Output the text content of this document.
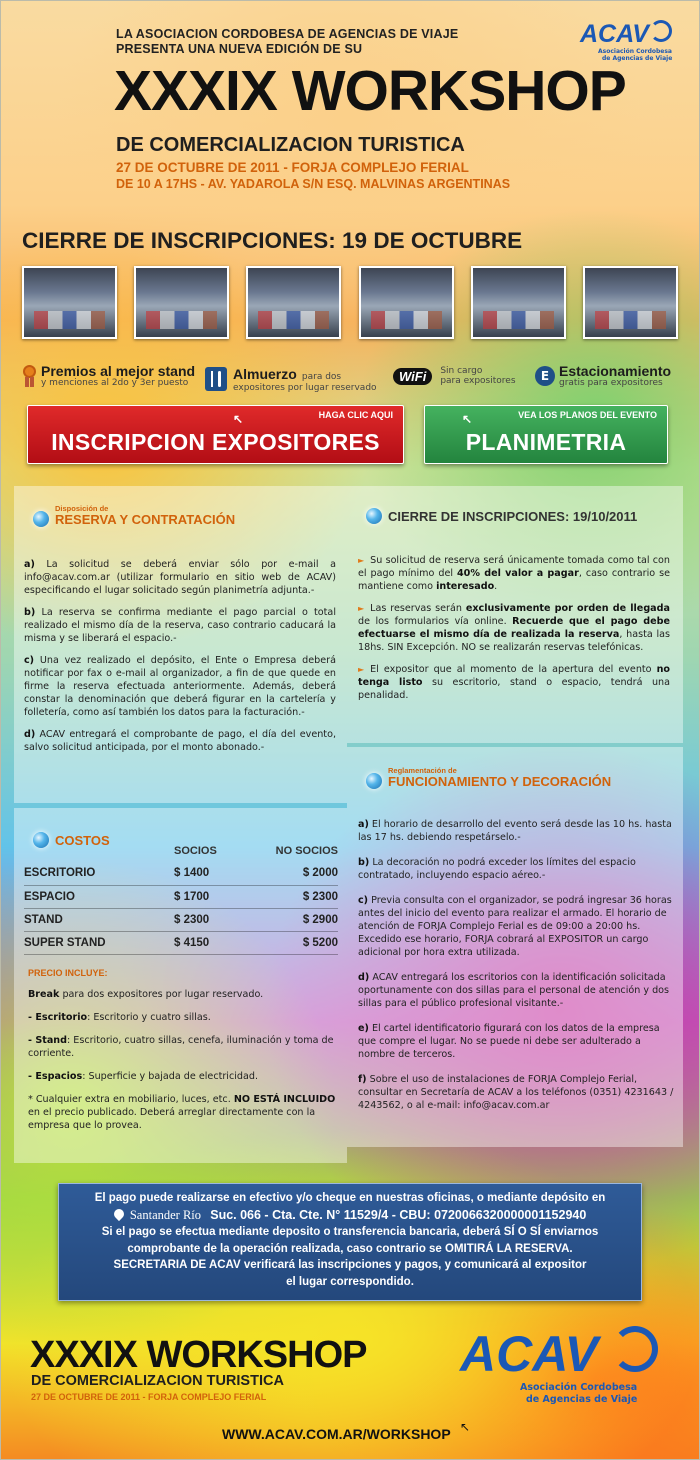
LA ASOCIACION CORDOBESA DE AGENCIAS DE VIAJE
PRESENTA UNA NUEVA EDICIÓN DE SU
XXXIX WORKSHOP
DE COMERCIALIZACION TURISTICA
27 DE OCTUBRE DE 2011 - FORJA COMPLEJO FERIAL
DE 10 A 17HS - AV. YADAROLA S/N ESQ. MALVINAS ARGENTINAS
ACAV
Asociación Cordobesa
de Agencias de Viaje
CIERRE DE INSCRIPCIONES: 19 DE OCTUBRE
Premios al mejor stand
y menciones al 2do y 3er puesto
Almuerzo para dos
expositores por lugar reservado
WiFi	Sin cargo
para expositores	E Estacionamiento
gratis para expositores
HAGA CLIC AQUI
INSCRIPCION EXPOSITORES
↖	VEA LOS PLANOS DEL EVENTO
PLANIMETRIA
↖
Disposición de
RESERVA Y CONTRATACIÓN

a) La solicitud se deberá enviar sólo por e-mail a info@acav.com.ar (utilizar formulario en sitio web de ACAV) especificando el lugar solicitado según planimetría adjunta.-

b) La reserva se confirma mediante el pago parcial o total realizado el mismo día de la reserva, caso contrario caducará la misma y se liberará el espacio.-

c) Una vez realizado el depósito, el Ente o Empresa deberá notificar por fax o e-mail al organizador, a fin de que quede en firme la reserva efectuada anteriormente. Además, deberá constar la denominación que deberá figurar en la cartelería y folletería, como así también los datos para la facturación.-

d) ACAV entregará el comprobante de pago, el día del evento, salvo solicitud anticipada, por el monto abonado.-

CIERRE DE INSCRIPCIONES: 19/10/2011

► Su solicitud de reserva será únicamente tomada como tal con el pago mínimo del 40% del valor a pagar, caso contrario se mantiene como interesado.

► Las reservas serán exclusivamente por orden de llegada de los formularios vía online. Recuerde que el pago debe efectuarse el mismo día de realizada la reserva, hasta las 18hs. SIN Excepción. NO se realizarán reservas telefónicas.

► El expositor que al momento de la apertura del evento no tenga listo su escritorio, stand o espacio, tendrá una penalidad.

COSTOS
	SOCIOS	NO SOCIOS
ESCRITORIO	$ 1400	$ 2000
ESPACIO	$ 1700	$ 2300
STAND	$ 2300	$ 2900
SUPER STAND	$ 4150	$ 5200
PRECIO INCLUYE:

Break para dos expositores por lugar reservado.

- Escritorio: Escritorio y cuatro sillas.

- Stand: Escritorio, cuatro sillas, cenefa, iluminación y toma de corriente.

- Espacios: Superficie y bajada de electricidad.

* Cualquier extra en mobiliario, luces, etc. NO ESTÁ INCLUIDO en el precio publicado. Deberá arreglar directamente con la empresa que lo provea.

Reglamentación de
FUNCIONAMIENTO Y DECORACIÓN

a) El horario de desarrollo del evento será desde las 10 hs. hasta las 17 hs. debiendo respetárselo.-

b) La decoración no podrá exceder los límites del espacio contratado, incluyendo espacio aéreo.-

c) Previa consulta con el organizador, se podrá ingresar 36 horas antes del inicio del evento para realizar el armado. El horario de atención de FORJA Complejo Ferial es de 09:00 a 20:00 hs. Excedido ese horario, FORJA cobrará al EXPOSITOR un cargo adicional por hora extra utilizada.

d) ACAV entregará los escritorios con la identificación solicitada oportunamente con dos sillas para el personal de atención y dos sillas para el público profesional visitante.-

e) El cartel identificatorio figurará con los datos de la empresa que compre el lugar. No se puede ni debe ser adulterado a nombre de terceros.

f) Sobre el uso de instalaciones de FORJA Complejo Ferial, consultar en Secretaría de ACAV a los teléfonos (0351) 4231643 / 4243562, o al e-mail: info@acav.com.ar

El pago puede realizarse en efectivo y/o cheque en nuestras oficinas, o mediante depósito en
Santander Río Suc. 066 - Cta. Cte. N° 11529/4 - CBU: 0720066320000001152940
Si el pago se efectua mediante deposito o transferencia bancaria, deberá SÍ O SÍ enviarnos
comprobante de la operación realizada, caso contrario se OMITIRÁ LA RESERVA.
SECRETARIA DE ACAV verificará las inscripciones y pagos, y comunicará al expositor
el lugar correspondido.
XXXIX WORKSHOP
DE COMERCIALIZACION TURISTICA
27 DE OCTUBRE DE 2011 - FORJA COMPLEJO FERIAL
ACAV
Asociación Cordobesa
de Agencias de Viaje
WWW.ACAV.COM.AR/WORKSHOP ↖
